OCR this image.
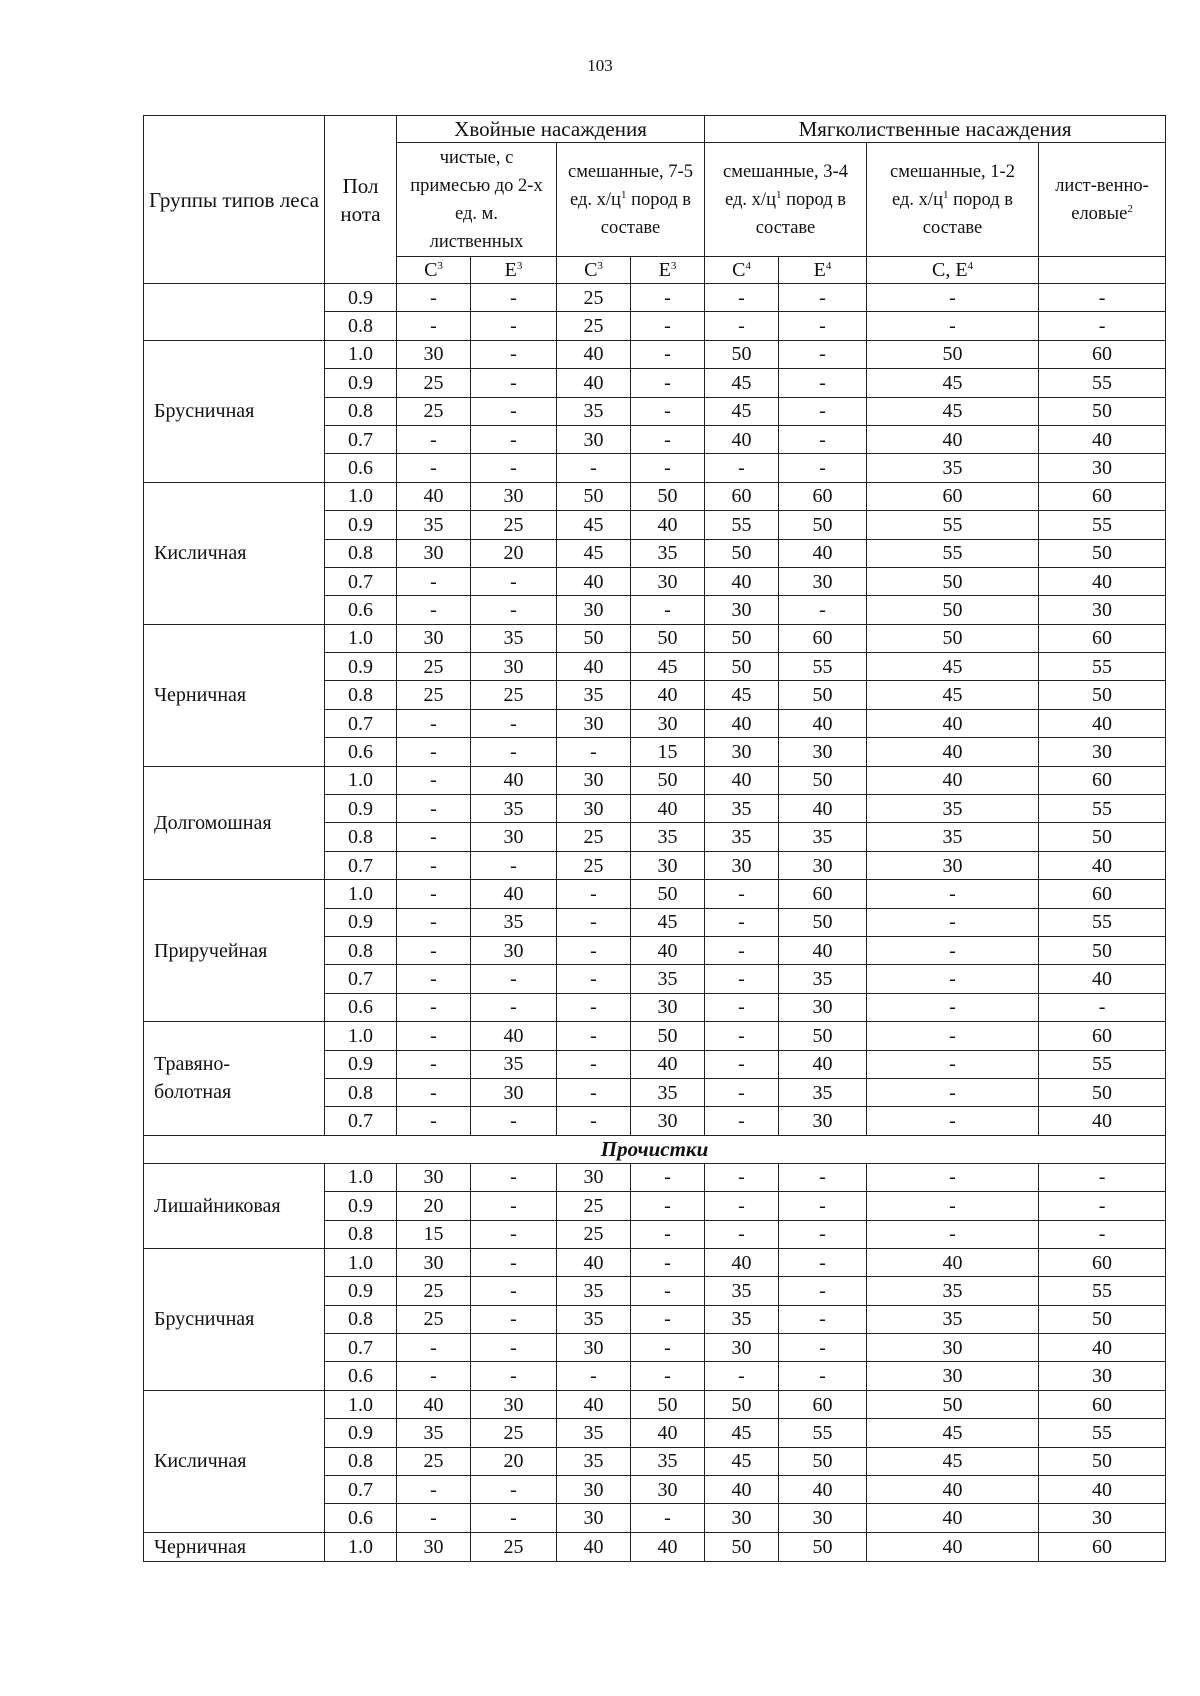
103
Группы типов леса	Пол нота	Хвойные насаждения				Мягколиственные насаждения			
		чистые, с примесью до 2-х ед. м. лиственных		смешанные, 7-5 ед. $х/ц^1$ пород в составе		смешанные, 3-4 ед. $х/ц^1$ пород в составе		смешанные, 1-2 ед. $х/ц^1$ пород в составе	лист-венно-еловые$^2$
		$С^3$	$Е^3$	$С^3$	$Е^3$	$С^4$	$Е^4$	С, $Е^4$	
	0.9	-	-	25	-	-	-	-	-
	0.8	-	-	25	-	-	-	-	-
Брусничная	1.0	30	-	40	-	50	-	50	60
	0.9	25	-	40	-	45	-	45	55
	0.8	25	-	35	-	45	-	45	50
	0.7	-	-	30	-	40	-	40	40
	0.6	-	-	-	-	-	-	35	30
Кисличная	1.0	40	30	50	50	60	60	60	60
	0.9	35	25	45	40	55	50	55	55
	0.8	30	20	45	35	50	40	55	50
	0.7	-	-	40	30	40	30	50	40
	0.6	-	-	30	-	30	-	50	30
Черничная	1.0	30	35	50	50	50	60	50	60
	0.9	25	30	40	45	50	55	45	55
	0.8	25	25	35	40	45	50	45	50
	0.7	-	-	30	30	40	40	40	40
	0.6	-	-	-	15	30	30	40	30
Долгомошная	1.0	-	40	30	50	40	50	40	60
	0.9	-	35	30	40	35	40	35	55
	0.8	-	30	25	35	35	35	35	50
	0.7	-	-	25	30	30	30	30	40
Приручейная	1.0	-	40	-	50	-	60	-	60
	0.9	-	35	-	45	-	50	-	55
	0.8	-	30	-	40	-	40	-	50
	0.7	-	-	-	35	-	35	-	40
	0.6	-	-	-	30	-	30	-	-
Травяно-болотная	1.0	-	40	-	50	-	50	-	60
	0.9	-	35	-	40	-	40	-	55
	0.8	-	30	-	35	-	35	-	50
	0.7	-	-	-	30	-	30	-	40
Прочистки									
Лишайниковая	1.0	30	-	30	-	-	-	-	-
	0.9	20	-	25	-	-	-	-	-
	0.8	15	-	25	-	-	-	-	-
Брусничная	1.0	30	-	40	-	40	-	40	60
	0.9	25	-	35	-	35	-	35	55
	0.8	25	-	35	-	35	-	35	50
	0.7	-	-	30	-	30	-	30	40
	0.6	-	-	-	-	-	-	30	30
Кисличная	1.0	40	30	40	50	50	60	50	60
	0.9	35	25	35	40	45	55	45	55
	0.8	25	20	35	35	45	50	45	50
	0.7	-	-	30	30	40	40	40	40
	0.6	-	-	30	-	30	30	40	30
Черничная	1.0	30	25	40	40	50	50	40	60
